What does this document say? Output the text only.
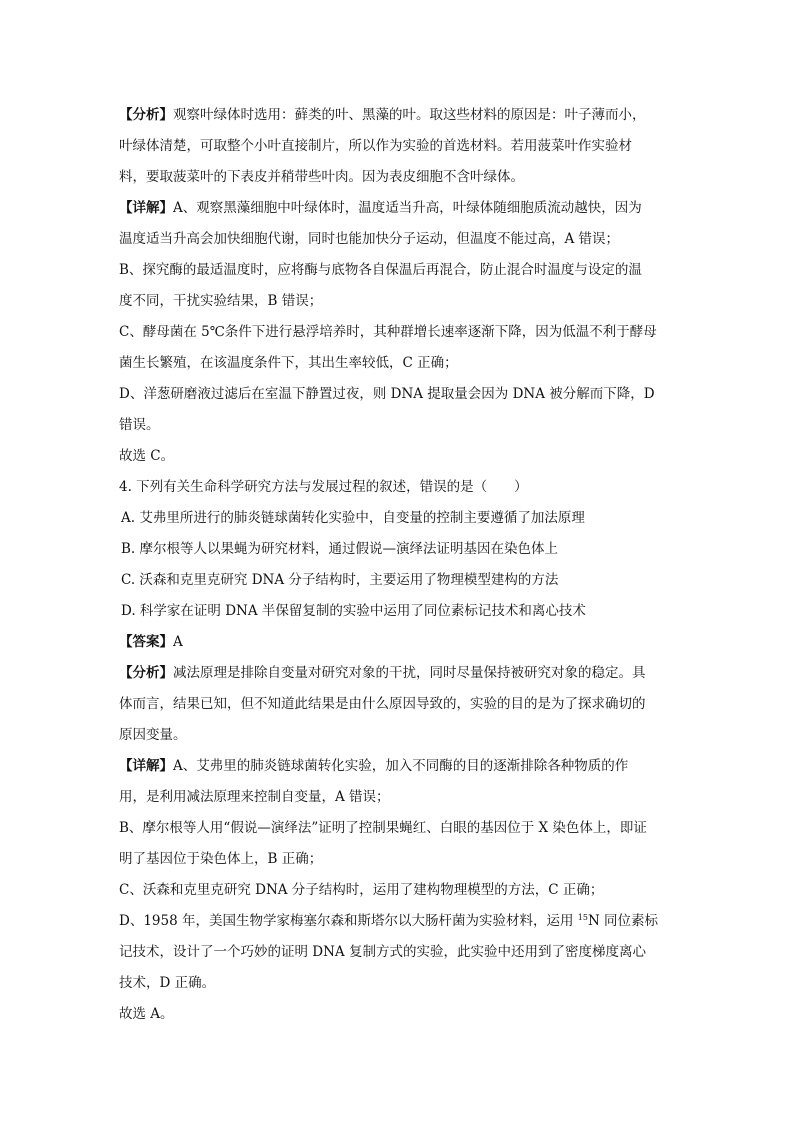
【分析】观察叶绿体时选用：藓类的叶、黑藻的叶。取这些材料的原因是：叶子薄而小，
叶绿体清楚，可取整个小叶直接制片，所以作为实验的首选材料。若用菠菜叶作实验材
料，要取菠菜叶的下表皮并稍带些叶肉。因为表皮细胞不含叶绿体。
【详解】A、观察黑藻细胞中叶绿体时，温度适当升高，叶绿体随细胞质流动越快，因为
温度适当升高会加快细胞代谢，同时也能加快分子运动，但温度不能过高，A 错误；
B、探究酶的最适温度时，应将酶与底物各自保温后再混合，防止混合时温度与设定的温
度不同，干扰实验结果，B 错误；
C、酵母菌在 5℃条件下进行悬浮培养时，其种群增长速率逐渐下降，因为低温不利于酵母
菌生长繁殖，在该温度条件下，其出生率较低，C 正确；
D、洋葱研磨液过滤后在室温下静置过夜，则 DNA 提取量会因为 DNA 被分解而下降，D
错误。
故选 C。
4. 下列有关生命科学研究方法与发展过程的叙述，错误的是（　　）
A. 艾弗里所进行的肺炎链球菌转化实验中，自变量的控制主要遵循了加法原理
B. 摩尔根等人以果蝇为研究材料，通过假说—演绎法证明基因在染色体上
C. 沃森和克里克研究 DNA 分子结构时，主要运用了物理模型建构的方法
D. 科学家在证明 DNA 半保留复制的实验中运用了同位素标记技术和离心技术
【答案】A
【分析】减法原理是排除自变量对研究对象的干扰，同时尽量保持被研究对象的稳定。具
体而言，结果已知，但不知道此结果是由什么原因导致的，实验的目的是为了探求确切的
原因变量。
【详解】A、艾弗里的肺炎链球菌转化实验，加入不同酶的目的逐渐排除各种物质的作
用，是利用减法原理来控制自变量，A 错误；
B、摩尔根等人用“假说—演绎法”证明了控制果蝇红、白眼的基因位于 X 染色体上，即证
明了基因位于染色体上，B 正确；
C、沃森和克里克研究 DNA 分子结构时，运用了建构物理模型的方法，C 正确；
D、1958 年，美国生物学家梅塞尔森和斯塔尔以大肠杆菌为实验材料，运用 $^{15}$N 同位素标
记技术，设计了一个巧妙的证明 DNA 复制方式的实验，此实验中还用到了密度梯度离心
技术，D 正确。
故选 A。
